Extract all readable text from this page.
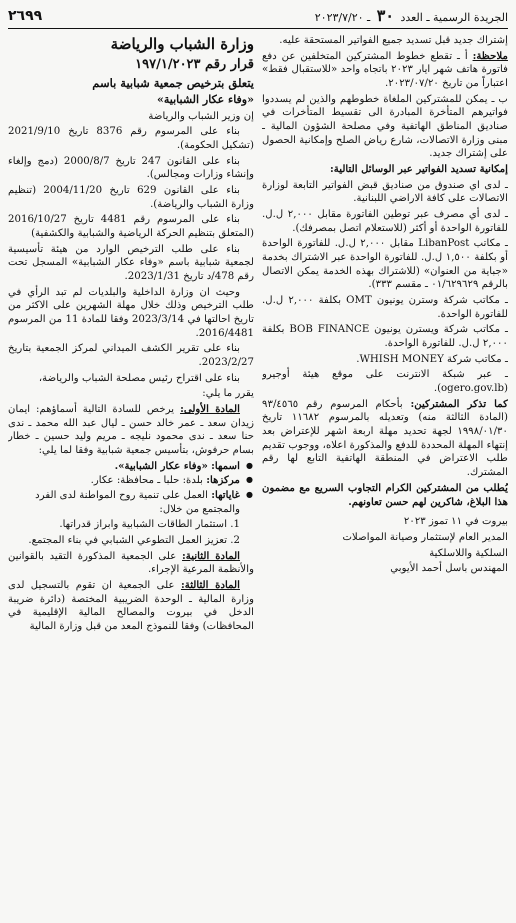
الجريدة الرسمية ـ العدد ٣٠ ـ ٢٠٢٣/٧/٢٠
٢٦٩٩

إشتراك جديد قبل تسديد جميع الفواتير المستحقة عليه.

ملاحظة: أ ـ تقطع خطوط المشتركين المتخلفين عن دفع فاتورة هاتف شهر ايار ٢٠٢٣ باتجاه واحد «للاستقبال فقط» اعتباراً من تاريخ ٢٠٢٣/٠٧/٢٠.

ب ـ يمكن للمشتركين الملغاة خطوطهم والذين لم يسددوا فواتيرهم المتأخرة المبادرة الى تقسيط المتأخرات في صناديق المناطق الهاتفية وفي مصلحة الشؤون المالية ـ مبنى وزارة الاتصالات، شارع رياض الصلح وإمكانية الحصول على إشتراك جديد.

إمكانية تسديد الفواتير عبر الوسائل التالية:

ـ لدى اي صندوق من صناديق قبض الفواتير التابعة لوزارة الاتصالات على كافة الاراضي اللبنانية.

ـ لدى أي مصرف عبر توطين الفاتورة مقابل ٢,٠٠٠ ل.ل. للفاتورة الواحدة أو أكثر (للاستعلام اتصل بمصرفك).

ـ مكاتب LibanPost مقابل ٢,٠٠٠ ل.ل. للفاتورة الواحدة أو بكلفة ١,٥٠٠ ل.ل. للفاتورة الواحدة عبر الاشتراك بخدمة «جباية من العنوان» (للاشتراك بهذه الخدمة يمكن الاتصال بالرقم ٠١/٦٢٩٦٢٩ ـ مقسم ٣٣٣).

ـ مكاتب شركة وسترن يونيون OMT بكلفة ٢,٠٠٠ ل.ل. للفاتورة الواحدة.

ـ مكاتب شركة ويسترن يونيون BOB FINANCE بكلفة ٢,٠٠٠ ل.ل. للفاتورة الواحدة.

ـ مكاتب شركة WHISH MONEY.

ـ عبر شبكة الانترنت على موقع هيئة أوجيرو (ogero.gov.lb).

كما تذكر المشتركين: بأحكام المرسوم رقم ٩٣/٤٥٦٥ (المادة الثالثة منه) وتعديله بالمرسوم ١١٦٨٢ تاريخ ١٩٩٨/٠١/٣٠ لجهة تحديد مهلة اربعة اشهر للإعتراض بعد إنتهاء المهلة المحددة للدفع والمذكورة اعلاه، ووجوب تقديم طلب الاعتراض في المنطقة الهاتفية التابع لها رقم المشترك.

يُطلب من المشتركين الكرام التجاوب السريع مع مضمون هذا البلاغ، شاكرين لهم حسن تعاونهم.

بيروت في ١١ تموز ٢٠٢٣

المدير العام لإستثمار وصيانة المواصلات

السلكية واللاسلكية

المهندس باسل أحمد الأيوبي

وزارة الشباب والرياضة

قرار رقم ١٩٧/١/٢٠٢٣

يتعلق بترخيص جمعية شبابية باسم

«وفاء عكار الشبابية»

إن وزير الشباب والرياضة

بناء على المرسوم رقم 8376 تاريخ 2021/9/10 (تشكيل الحكومة).

بناء على القانون 247 تاريخ 2000/8/7 (دمج وإلغاء وإنشاء وزارات ومجالس).

بناء على القانون 629 تاريخ 2004/11/20 (تنظيم وزارة الشباب والرياضة).

بناء على المرسوم رقم 4481 تاريخ 2016/10/27 (المتعلق بتنظيم الحركة الرياضية والشبابية والكشفية)

بناء على طلب الترخيص الوارد من هيئة تأسيسية لجمعية شبابية باسم «وفاء عكار الشبابية» المسجل تحت رقم 478/د تاريخ 2023/1/31.

وحيث ان وزارة الداخلية والبلديات لم تبد الرأي في طلب الترخيص وذلك خلال مهلة الشهرين على الاكثر من تاريخ احالتها في 2023/3/14 وفقا للمادة 11 من المرسوم 2016/4481.

بناء على تقرير الكشف الميداني لمركز الجمعية بتاريخ 2023/2/27.

بناء على اقتراح رئيس مصلحة الشباب والرياضة،

يقرر ما يلي:

المادة الأولى: يرخص للسادة التالية أسماؤهم: ايمان زيدان سعد ـ عمر خالد حسن ـ ليال عبد الله محمد ـ ندى حنا سعد ـ ندى محمود نليجه ـ مريم وليد حسين ـ خطار بسام حرفوش، بتأسيس جمعية شبابية وفقا لما يلي:

● اسمها: «وفاء عكار الشبابية».
● مركزها: بلدة: حلبا ـ محافظة: عكار.
● غاياتها: العمل على تنمية روح المواطنة لدى الفرد والمجتمع من خلال:

1. استثمار الطاقات الشبابية وابراز قدراتها.

2. تعزيز العمل التطوعي الشبابي في بناء المجتمع.

المادة الثانية: على الجمعية المذكورة التقيد بالقوانين والأنظمة المرعية الإجراء.

المادة الثالثة: على الجمعية ان تقوم بالتسجيل لدى وزارة المالية ـ الوحدة الضريبية المختصة (دائرة ضريبة الدخل في بيروت والمصالح المالية الإقليمية في المحافظات) وفقا للنموذج المعد من قبل وزارة المالية
